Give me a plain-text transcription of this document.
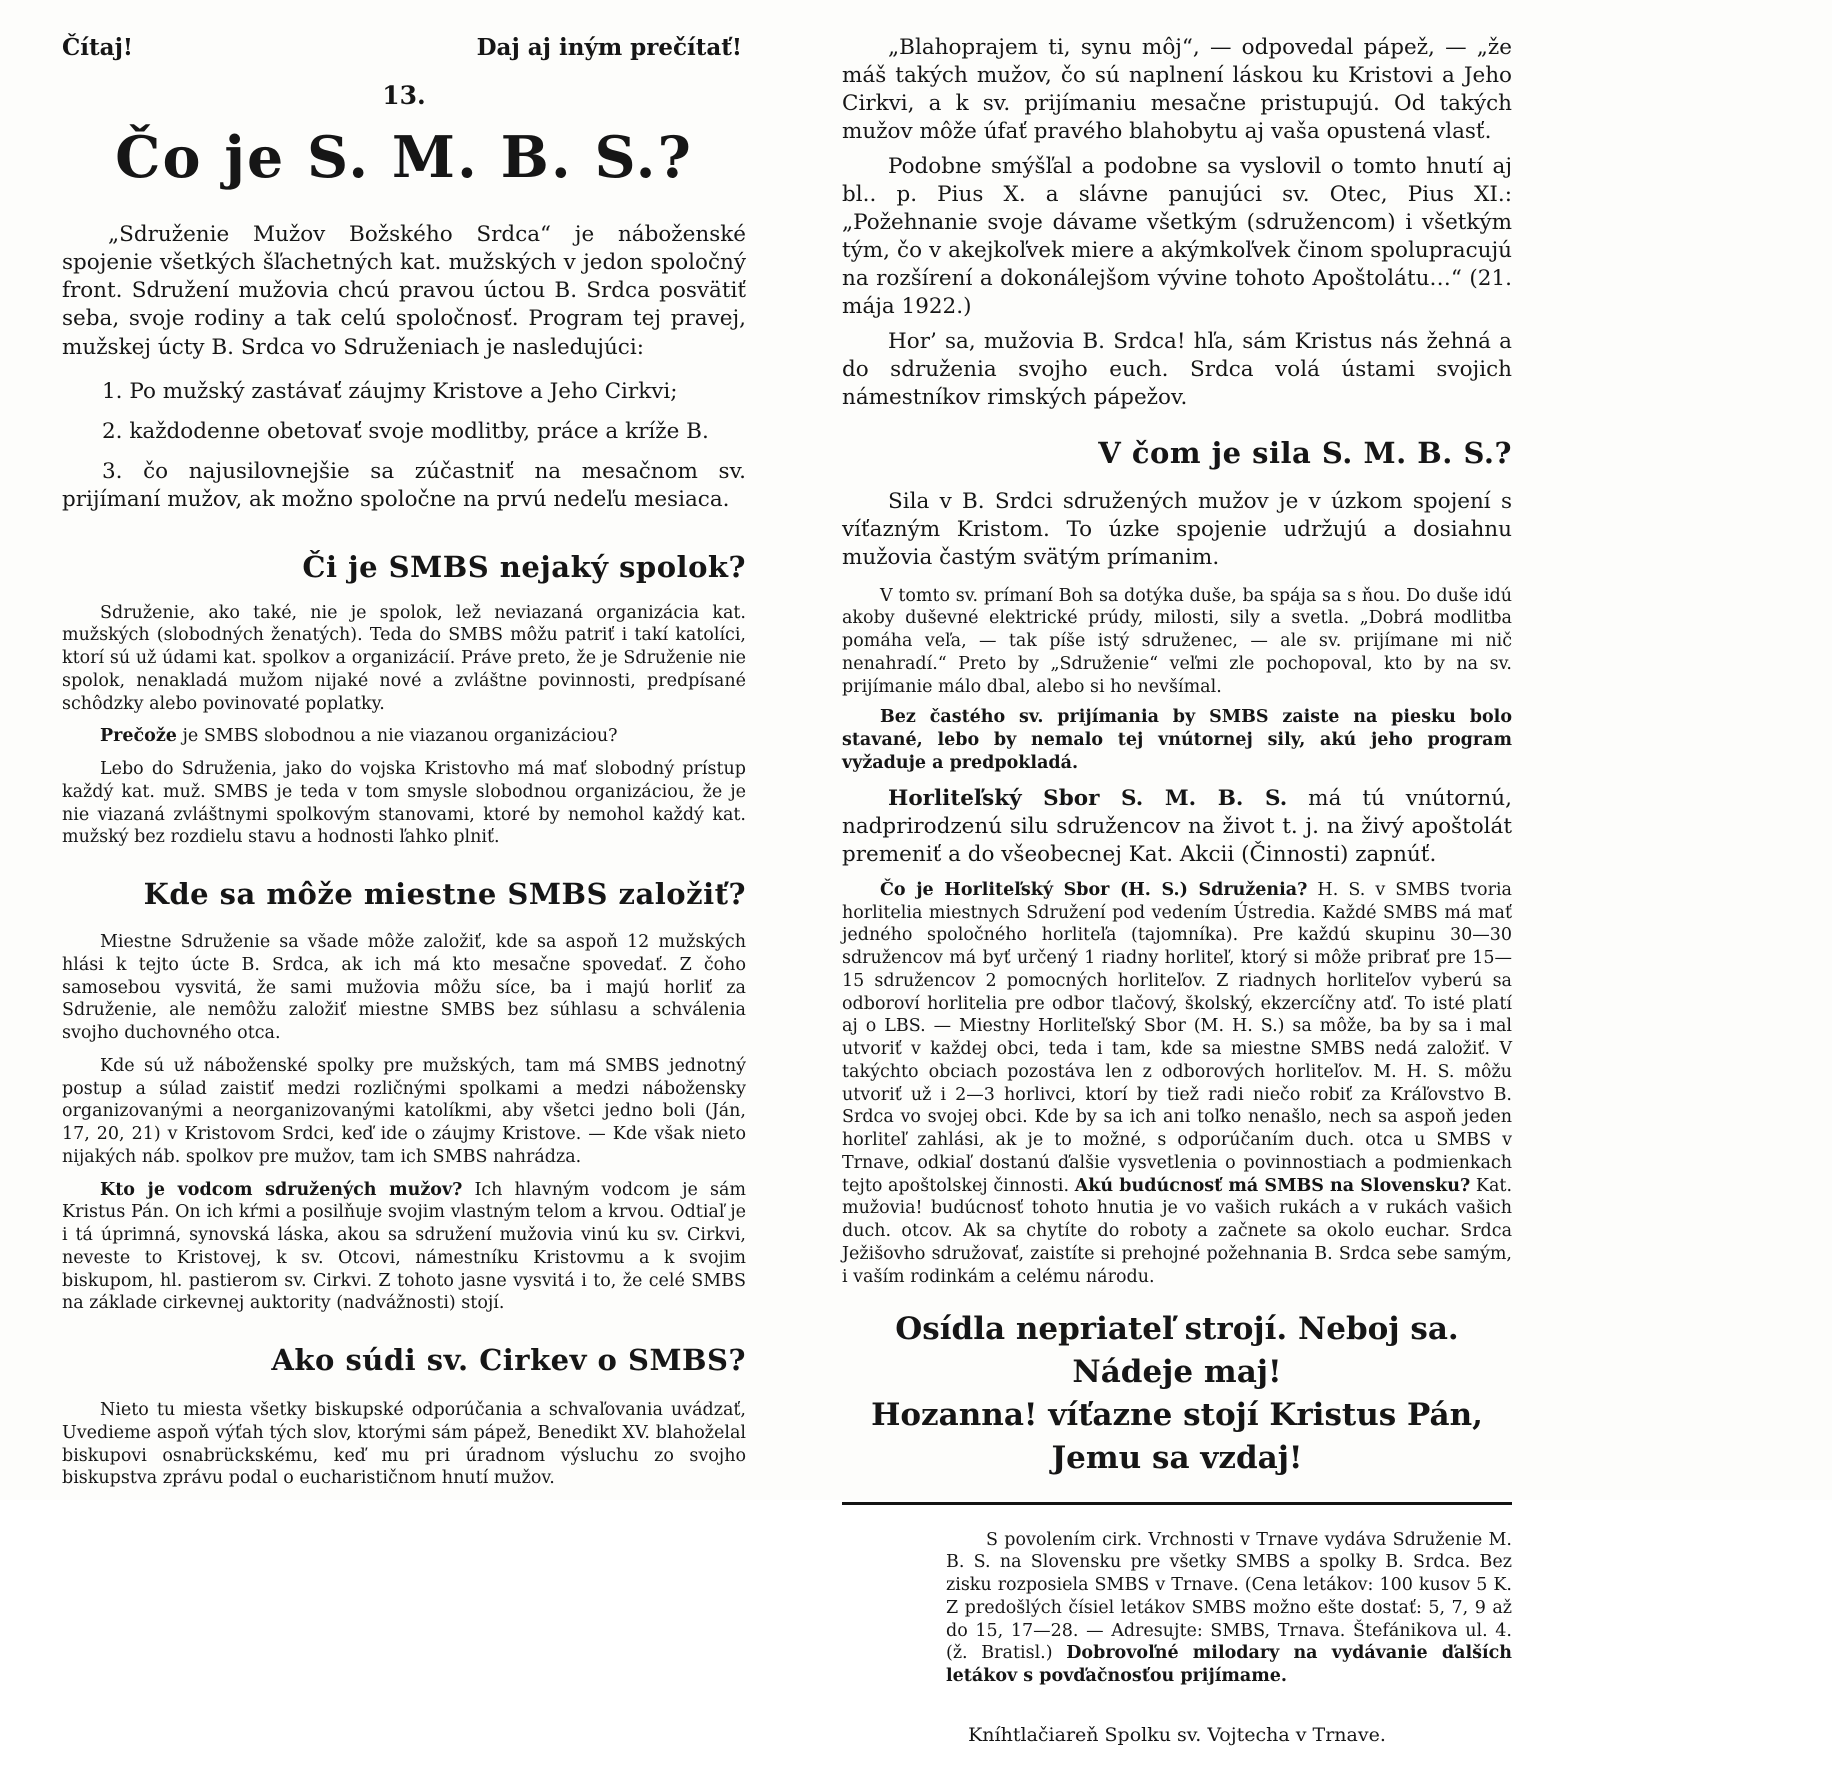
Čítaj!	Daj aj iným prečítať!
13.
Čo je S. M. B. S.?

„Sdruženie Mužov Božského Srdca“ je náboženské spojenie všetkých šľachetných kat. mužských v jedon spoločný front. Sdružení mužovia chcú pravou úctou B. Srdca posvätiť seba, svoje rodiny a tak celú spoločnosť. Program tej pravej, mužskej úcty B. Srdca vo Sdruženiach je nasledujúci:

1. Po mužský zastávať záujmy Kristove a Jeho Cirkvi;

2. každodenne obetovať svoje modlitby, práce a kríže B.

3. čo najusilovnejšie sa zúčastniť na mesačnom sv. prijímaní mužov, ak možno spoločne na prvú nedeľu mesiaca.

Či je SMBS nejaký spolok?

Sdruženie, ako také, nie je spolok, lež neviazaná organizácia kat. mužských (slobodných ženatých). Teda do SMBS môžu patriť i takí katolíci, ktorí sú už údami kat. spolkov a organizácií. Práve preto, že je Sdruženie nie spolok, nenakladá mužom nijaké nové a zvláštne povinnosti, predpísané schôdzky alebo povinovaté poplatky.

Prečože je SMBS slobodnou a nie viazanou organizáciou?

Lebo do Sdruženia, jako do vojska Kristovho má mať slobodný prístup každý kat. muž. SMBS je teda v tom smysle slobodnou organizáciou, že je nie viazaná zvláštnymi spolkovým stanovami, ktoré by nemohol každý kat. mužský bez rozdielu stavu a hodnosti ľahko plniť.

Kde sa môže miestne SMBS založiť?

Miestne Sdruženie sa všade môže založiť, kde sa aspoň 12 mužských hlási k tejto úcte B. Srdca, ak ich má kto mesačne spovedať. Z čoho samosebou vysvitá, že sami mužovia môžu síce, ba i majú horliť za Sdruženie, ale nemôžu založiť miestne SMBS bez súhlasu a schválenia svojho duchovného otca.

Kde sú už náboženské spolky pre mužských, tam má SMBS jednotný postup a súlad zaistiť medzi rozličnými spolkami a medzi nábožensky organizovanými a neorganizovanými katolíkmi, aby všetci jedno boli (Ján, 17, 20, 21) v Kristovom Srdci, keď ide o záujmy Kristove. — Kde však nieto nijakých náb. spolkov pre mužov, tam ich SMBS nahrádza.

Kto je vodcom sdružených mužov? Ich hlavným vodcom je sám Kristus Pán. On ich kŕmi a posilňuje svojim vlastným telom a krvou. Odtiaľ je i tá úprimná, synovská láska, akou sa sdružení mužovia vinú ku sv. Cirkvi, neveste to Kristovej, k sv. Otcovi, námestníku Kristovmu a k svojim biskupom, hl. pastierom sv. Cirkvi. Z tohoto jasne vysvitá i to, že celé SMBS na základe cirkevnej auktority (nadvážnosti) stojí.

Ako súdi sv. Cirkev o SMBS?

Nieto tu miesta všetky biskupské odporúčania a schvaľovania uvádzať, Uvedieme aspoň výťah tých slov, ktorými sám pápež, Benedikt XV. blahoželal biskupovi osnabrückskému, keď mu pri úradnom výsluchu zo svojho biskupstva zprávu podal o eucharističnom hnutí mužov.

„Blahoprajem ti, synu môj“, — odpovedal pápež, — „že máš takých mužov, čo sú naplnení láskou ku Kristovi a Jeho Cirkvi, a k sv. prijímaniu mesačne pristupujú. Od takých mužov môže úfať pravého blahobytu aj vaša opustená vlasť.

Podobne smýšľal a podobne sa vyslovil o tomto hnutí aj bl.. p. Pius X. a slávne panujúci sv. Otec, Pius XI.: „Požehnanie svoje dávame všetkým (sdružencom) i všetkým tým, čo v akejkoľvek miere a akýmkoľvek činom spolupracujú na rozšírení a dokonálejšom vývine tohoto Apoštolátu…“ (21. mája 1922.)

Hor’ sa, mužovia B. Srdca! hľa, sám Kristus nás žehná a do sdruženia svojho euch. Srdca volá ústami svojich námestníkov rimských pápežov.

V čom je sila S. M. B. S.?

Sila v B. Srdci sdružených mužov je v úzkom spojení s víťazným Kristom. To úzke spojenie udržujú a dosiahnu mužovia častým svätým prímanim.

V tomto sv. prímaní Boh sa dotýka duše, ba spája sa s ňou. Do duše idú akoby duševné elektrické prúdy, milosti, sily a svetla. „Dobrá modlitba pomáha veľa, — tak píše istý sdruženec, — ale sv. prijímane mi nič nenahradí.“ Preto by „Sdruženie“ veľmi zle pochopoval, kto by na sv. prijímanie málo dbal, alebo si ho nevšímal.

Bez častého sv. prijímania by SMBS zaiste na piesku bolo stavané, lebo by nemalo tej vnútornej sily, akú jeho program vyžaduje a predpokladá.

Horliteľský Sbor S. M. B. S. má tú vnútornú, nadprirodzenú silu sdružencov na život t. j. na živý apoštolát premeniť a do všeobecnej Kat. Akcii (Činnosti) zapnúť.

Čo je Horliteľský Sbor (H. S.) Sdruženia? H. S. v SMBS tvoria horlitelia miestnych Sdružení pod vedením Ústredia. Každé SMBS má mať jedného spoločného horliteľa (tajomníka). Pre každú skupinu 30—30 sdružencov má byť určený 1 riadny horliteľ, ktorý si môže pribrať pre 15—15 sdružencov 2 pomocných horliteľov. Z riadnych horliteľov vyberú sa odboroví horlitelia pre odbor tlačový, školský, ekzercíčny atď. To isté platí aj o LBS. — Miestny Horliteľský Sbor (M. H. S.) sa môže, ba by sa i mal utvoriť v každej obci, teda i tam, kde sa miestne SMBS nedá založiť. V takýchto obciach pozostáva len z odborových horliteľov. M. H. S. môžu utvoriť už i 2—3 horlivci, ktorí by tiež radi niečo robiť za Kráľovstvo B. Srdca vo svojej obci. Kde by sa ich ani toľko nenašlo, nech sa aspoň jeden horliteľ zahlási, ak je to možné, s odporúčaním duch. otca u SMBS v Trnave, odkiaľ dostanú ďalšie vysvetlenia o povinnostiach a podmienkach tejto apoštolskej činnosti. Akú budúcnosť má SMBS na Slovensku? Kat. mužovia! budúcnosť tohoto hnutia je vo vašich rukách a v rukách vašich duch. otcov. Ak sa chytíte do roboty a začnete sa okolo euchar. Srdca Ježišovho sdružovať, zaistíte si prehojné požehnania B. Srdca sebe samým, i vaším rodinkám a celému národu.

Osídla nepriateľ strojí. Neboj sa. Nádeje maj!

Hozanna! víťazne stojí Kristus Pán, Jemu sa vzdaj!

S povolením cirk. Vrchnosti v Trnave vydáva Sdruženie M. B. S. na Slovensku pre všetky SMBS a spolky B. Srdca. Bez zisku rozposiela SMBS v Trnave. (Cena letákov: 100 kusov 5 K. Z predošlých čísiel letákov SMBS možno ešte dostať: 5, 7, 9 až do 15, 17—28. — Adresujte: SMBS, Trnava. Štefánikova ul. 4. (ž. Bratisl.) Dobrovoľné milodary na vydávanie ďalších letákov s povďačnosťou prijímame.

Kníhtlačiareň Spolku sv. Vojtecha v Trnave.
